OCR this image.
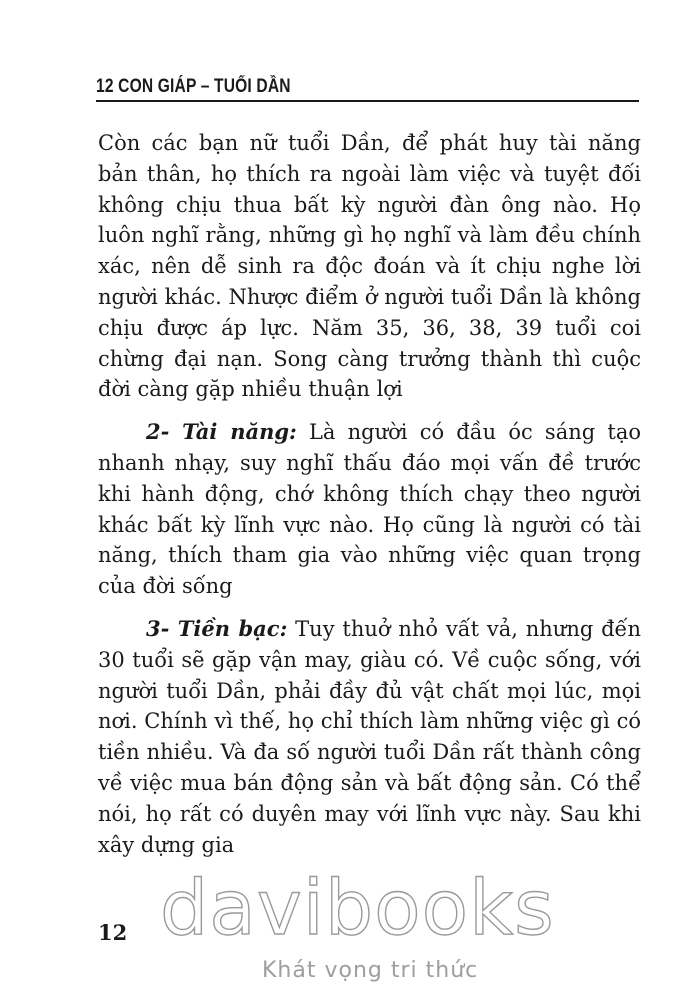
12 CON GIÁP – TUỔI DẦN

Còn các bạn nữ tuổi Dần, để phát huy tài năng bản thân, họ thích ra ngoài làm việc và tuyệt đối không chịu thua bất kỳ người đàn ông nào. Họ luôn nghĩ rằng, những gì họ nghĩ và làm đều chính xác, nên dễ sinh ra độc đoán và ít chịu nghe lời người khác. Nhược điểm ở người tuổi Dần là không chịu được áp lực. Năm 35, 36, 38, 39 tuổi coi chừng đại nạn. Song càng trưởng thành thì cuộc đời càng gặp nhiều thuận lợi

2- Tài năng: Là người có đầu óc sáng tạo nhanh nhạy, suy nghĩ thấu đáo mọi vấn đề trước khi hành động, chớ không thích chạy theo người khác bất kỳ lĩnh vực nào. Họ cũng là người có tài năng, thích tham gia vào những việc quan trọng của đời sống

3- Tiền bạc: Tuy thuở nhỏ vất vả, nhưng đến 30 tuổi sẽ gặp vận may, giàu có. Về cuộc sống, với người tuổi Dần, phải đầy đủ vật chất mọi lúc, mọi nơi. Chính vì thế, họ chỉ thích làm những việc gì có tiền nhiều. Và đa số người tuổi Dần rất thành công về việc mua bán động sản và bất động sản. Có thể nói, họ rất có duyên may với lĩnh vực này. Sau khi xây dựng gia

davibooks
Khát vọng tri thức
12
